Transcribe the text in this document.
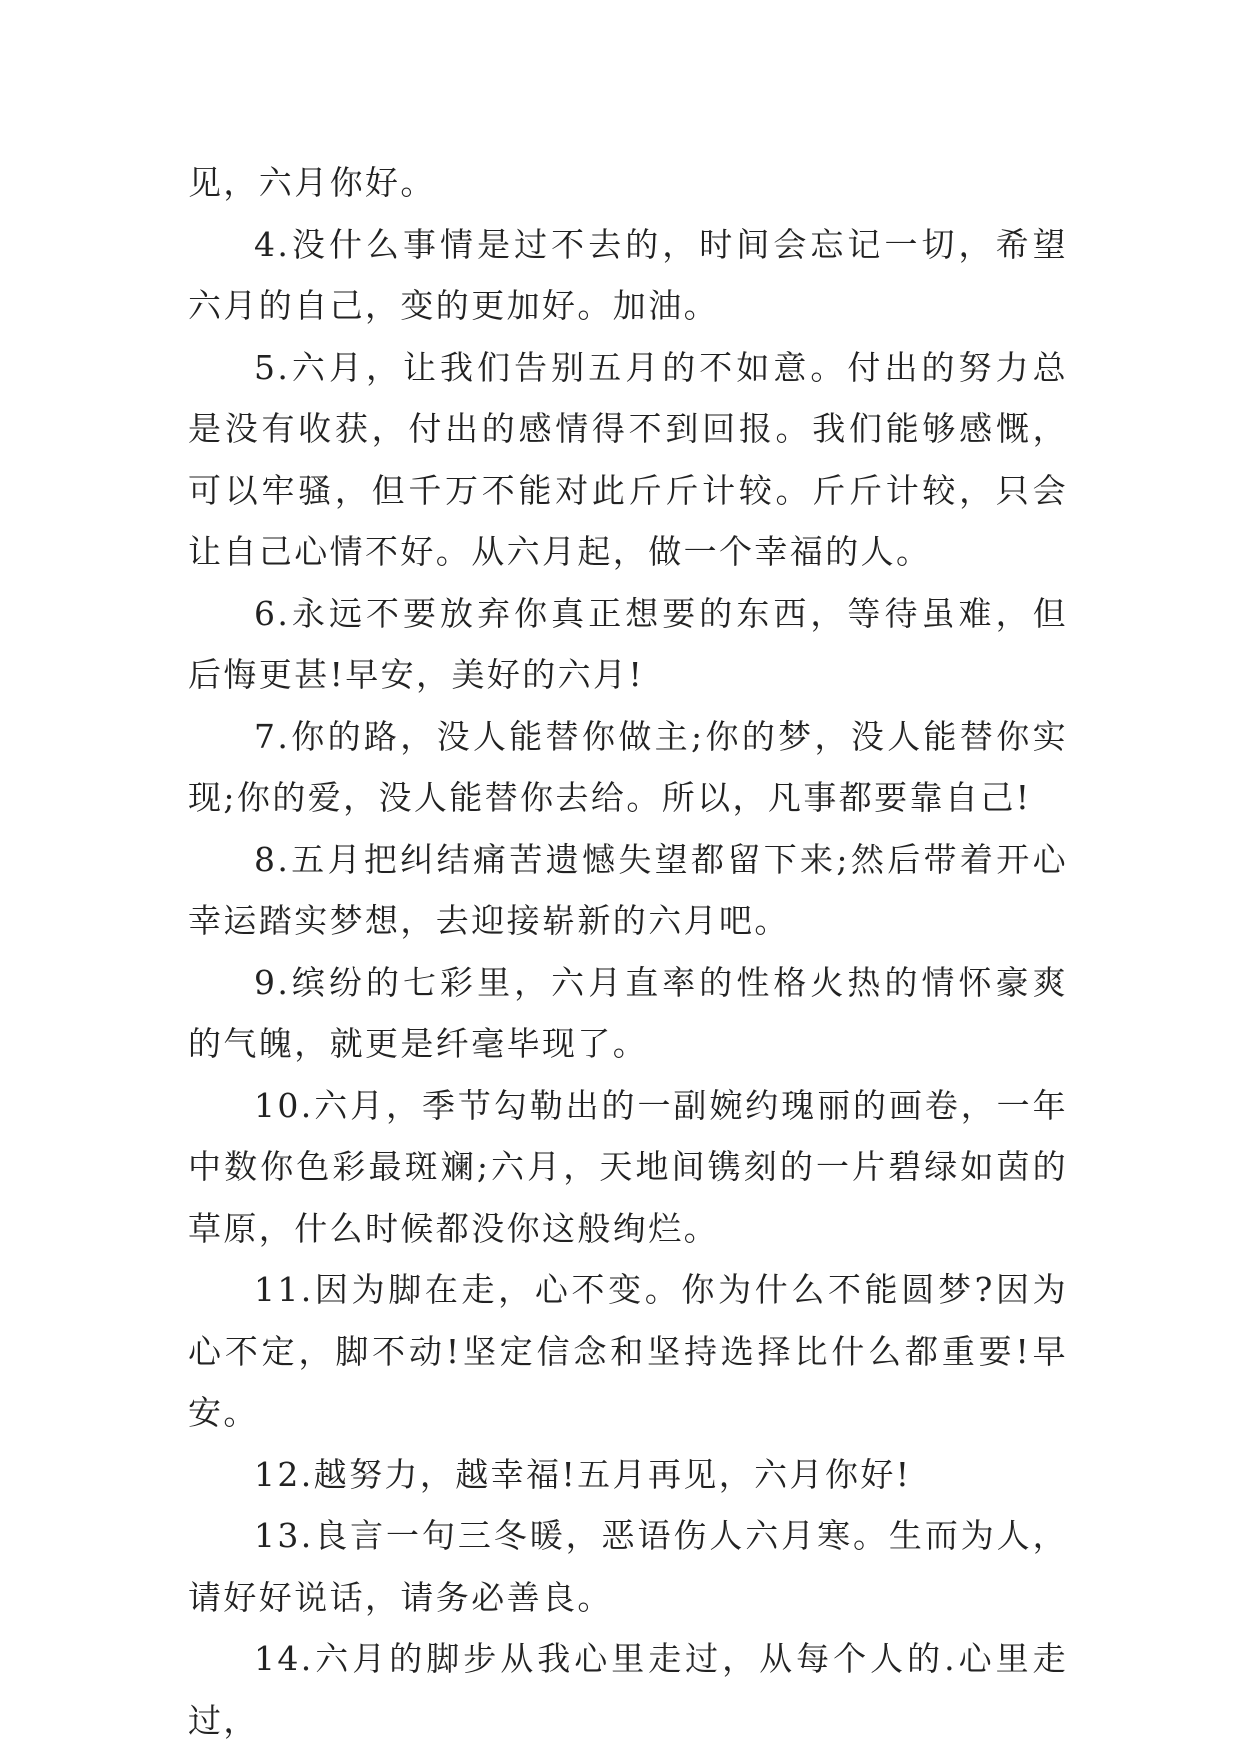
见，六月你好。

4.没什么事情是过不去的，时间会忘记一切，希望六月的自己，变的更加好。加油。

5.六月，让我们告别五月的不如意。付出的努力总是没有收获，付出的感情得不到回报。我们能够感慨，可以牢骚，但千万不能对此斤斤计较。斤斤计较，只会让自己心情不好。从六月起，做一个幸福的人。

6.永远不要放弃你真正想要的东西，等待虽难，但后悔更甚!早安，美好的六月!

7.你的路，没人能替你做主;你的梦，没人能替你实现;你的爱，没人能替你去给。所以，凡事都要靠自己!

8.五月把纠结痛苦遗憾失望都留下来;然后带着开心幸运踏实梦想，去迎接崭新的六月吧。

9.缤纷的七彩里，六月直率的性格火热的情怀豪爽的气魄，就更是纤毫毕现了。

10.六月，季节勾勒出的一副婉约瑰丽的画卷，一年中数你色彩最斑斓;六月，天地间镌刻的一片碧绿如茵的草原，什么时候都没你这般绚烂。

11.因为脚在走，心不变。你为什么不能圆梦?因为心不定，脚不动!坚定信念和坚持选择比什么都重要!早安。

12.越努力，越幸福!五月再见，六月你好!

13.良言一句三冬暖，恶语伤人六月寒。生而为人，请好好说话，请务必善良。

14.六月的脚步从我心里走过，从每个人的.心里走过，
